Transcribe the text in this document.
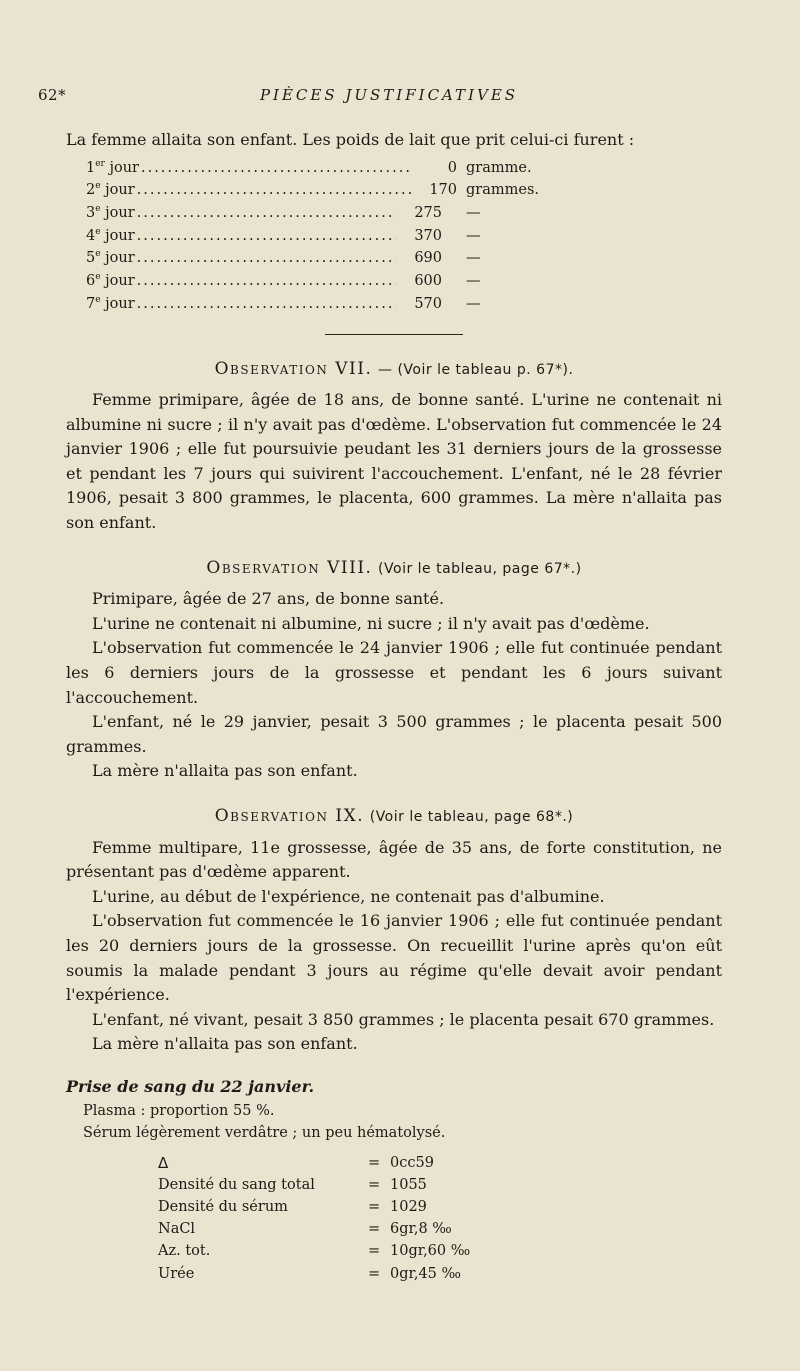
62*	PIÈCES JUSTIFICATIVES

La femme allaita son enfant. Les poids de lait que prit celui-ci furent :

1er jour .....	0 gramme.
2e jour .....	170 grammes.
3e jour .....	275	—
4e jour .....	370	—
5e jour .....	690	—
6e jour .....	600	—
7e jour .....	570	—
Observation VII. — (Voir le tableau p. 67*).

Femme primipare, âgée de 18 ans, de bonne santé. L'urine ne contenait ni albumine ni sucre ; il n'y avait pas d'œdème. L'observation fut commencée le 24 janvier 1906 ; elle fut poursuivie peudant les 31 derniers jours de la grossesse et pendant les 7 jours qui suivirent l'accouchement. L'enfant, né le 28 février 1906, pesait 3 800 grammes, le placenta, 600 grammes. La mère n'allaita pas son enfant.

Observation VIII. (Voir le tableau, page 67*.)

Primipare, âgée de 27 ans, de bonne santé.

L'urine ne contenait ni albumine, ni sucre ; il n'y avait pas d'œdème.

L'observation fut commencée le 24 janvier 1906 ; elle fut continuée pendant les 6 derniers jours de la grossesse et pendant les 6 jours suivant l'accouchement.

L'enfant, né le 29 janvier, pesait 3 500 grammes ; le placenta pesait 500 grammes.

La mère n'allaita pas son enfant.

Observation IX. (Voir le tableau, page 68*.)

Femme multipare, 11e grossesse, âgée de 35 ans, de forte constitution, ne présentant pas d'œdème apparent.

L'urine, au début de l'expérience, ne contenait pas d'albumine.

L'observation fut commencée le 16 janvier 1906 ; elle fut continuée pendant les 20 derniers jours de la grossesse. On recueillit l'urine après qu'on eût soumis la malade pendant 3 jours au régime qu'elle devait avoir pendant l'expérience.

L'enfant, né vivant, pesait 3 850 grammes ; le placenta pesait 670 grammes.

La mère n'allaita pas son enfant.

Prise de sang du 22 janvier.
Plasma : proportion 55 %.
Sérum légèrement verdâtre ; un peu hématolysé.
Δ	= 0cc59
Densité du sang total	= 1055
Densité du sérum	= 1029
NaCl	= 6gr,8 ‰
Az. tot.	= 10gr,60 ‰
Urée	= 0gr,45 ‰
